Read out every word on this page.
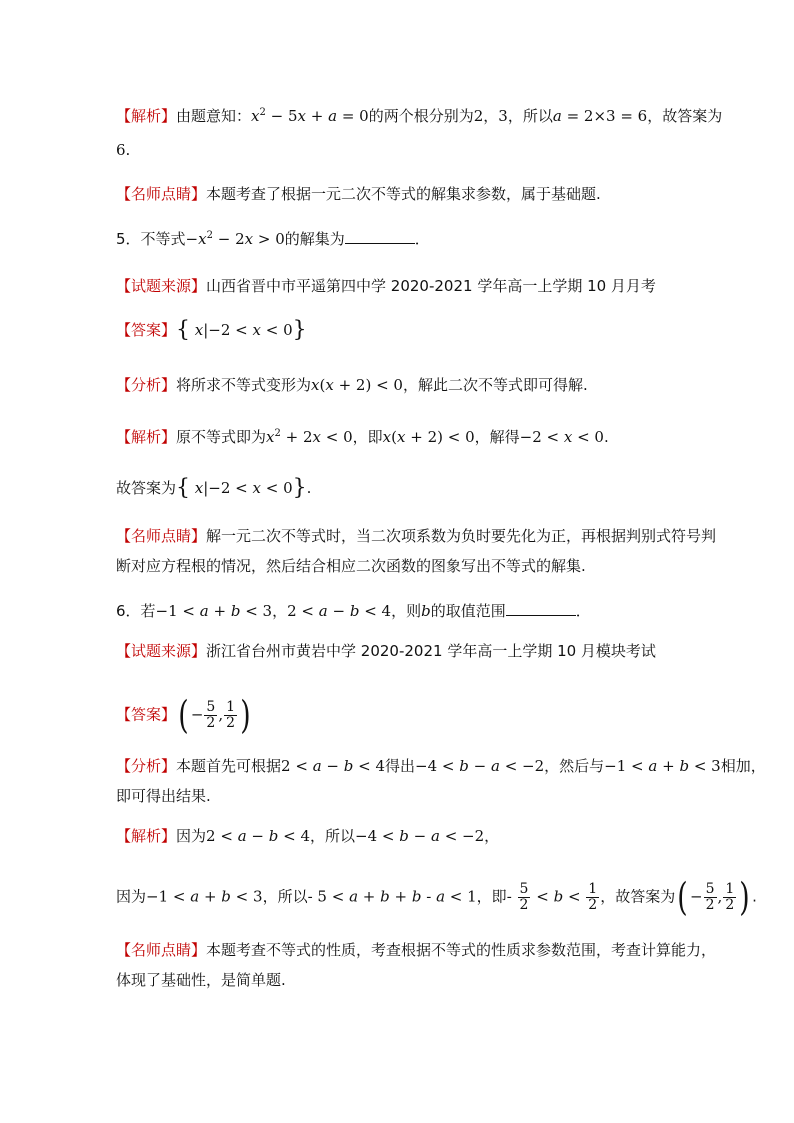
【解析】由题意知：$x^2 - 5x + a = 0$的两个根分别为2，3，所以a = 2×3 = 6，故答案为
6.
【名师点睛】本题考查了根据一元二次不等式的解集求参数，属于基础题.
5．不等式$-x^2 - 2x > 0$的解集为	．
【试题来源】山西省晋中市平遥第四中学 2020-2021 学年高一上学期 10 月月考
【答案】{ x|−2 < x < 0}
【分析】将所求不等式变形为x(x + 2) < 0，解此二次不等式即可得解.
【解析】原不等式即为$x^2 + 2x < 0$，即x(x + 2) < 0，解得−2 < x < 0.
故答案为{ x|−2 < x < 0}.
【名师点睛】解一元二次不等式时，当二次项系数为负时要先化为正，再根据判别式符号判
断对应方程根的情况，然后结合相应二次函数的图象写出不等式的解集.
6．若−1 < a + b < 3，2 < a − b < 4，则b的取值范围	．
【试题来源】浙江省台州市黄岩中学 2020-2021 学年高一上学期 10 月模块考试
【答案】( − $\frac{5}{2}$ , $\frac{1}{2}$ )
【分析】本题首先可根据2 < a − b < 4得出−4 < b − a < −2，然后与−1 < a + b < 3相加，
即可得出结果.
【解析】因为2 < a − b < 4，所以−4 < b − a < −2，
因为−1 < a + b < 3，所以- 5 < a + b + b - a < 1，即- $\frac{5}{2} < b < \frac{1}{2}$ ，故答案为( − $\frac{5}{2}$ , $\frac{1}{2}$ ) .
【名师点睛】本题考查不等式的性质，考查根据不等式的性质求参数范围，考查计算能力，
体现了基础性，是简单题.
